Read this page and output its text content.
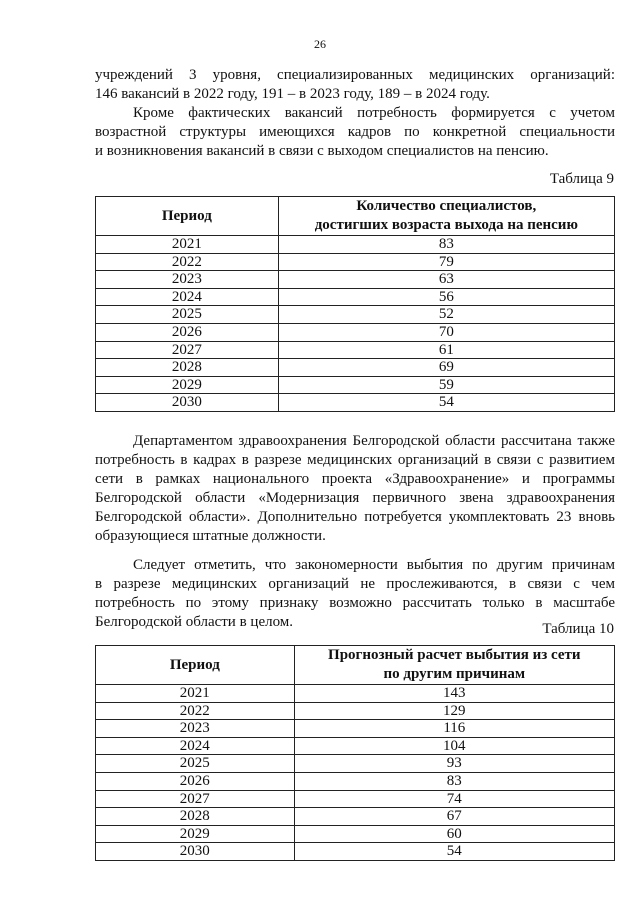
26

учреждений 3 уровня, специализированных медицинских организаций:

146 вакансий в 2022 году, 191 – в 2023 году, 189 – в 2024 году.

Кроме фактических вакансий потребность формируется с учетом

возрастной структуры имеющихся кадров по конкретной специальности

и возникновения вакансий в связи с выходом специалистов на пенсию.

Таблица 9
Период	Количество специалистов,
достигших возраста выхода на пенсию

2021	83
2022	79
2023	63
2024	56
2025	52
2026	70
2027	61
2028	69
2029	59
2030	54

Департаментом здравоохранения Белгородской области рассчитана также

потребность в кадрах в разрезе медицинских организаций в связи с развитием

сети в рамках национального проекта «Здравоохранение» и программы

Белгородской области «Модернизация первичного звена здравоохранения

Белгородской области». Дополнительно потребуется укомплектовать 23 вновь

образующиеся штатные должности.

Следует отметить, что закономерности выбытия по другим причинам

в разрезе медицинских организаций не прослеживаются, в связи с чем

потребность по этому признаку возможно рассчитать только в масштабе

Белгородской области в целом.	Таблица 10
Период	Прогнозный расчет выбытия из сети
по другим причинам

2021	143
2022	129
2023	116
2024	104
2025	93
2026	83
2027	74
2028	67
2029	60
2030	54
